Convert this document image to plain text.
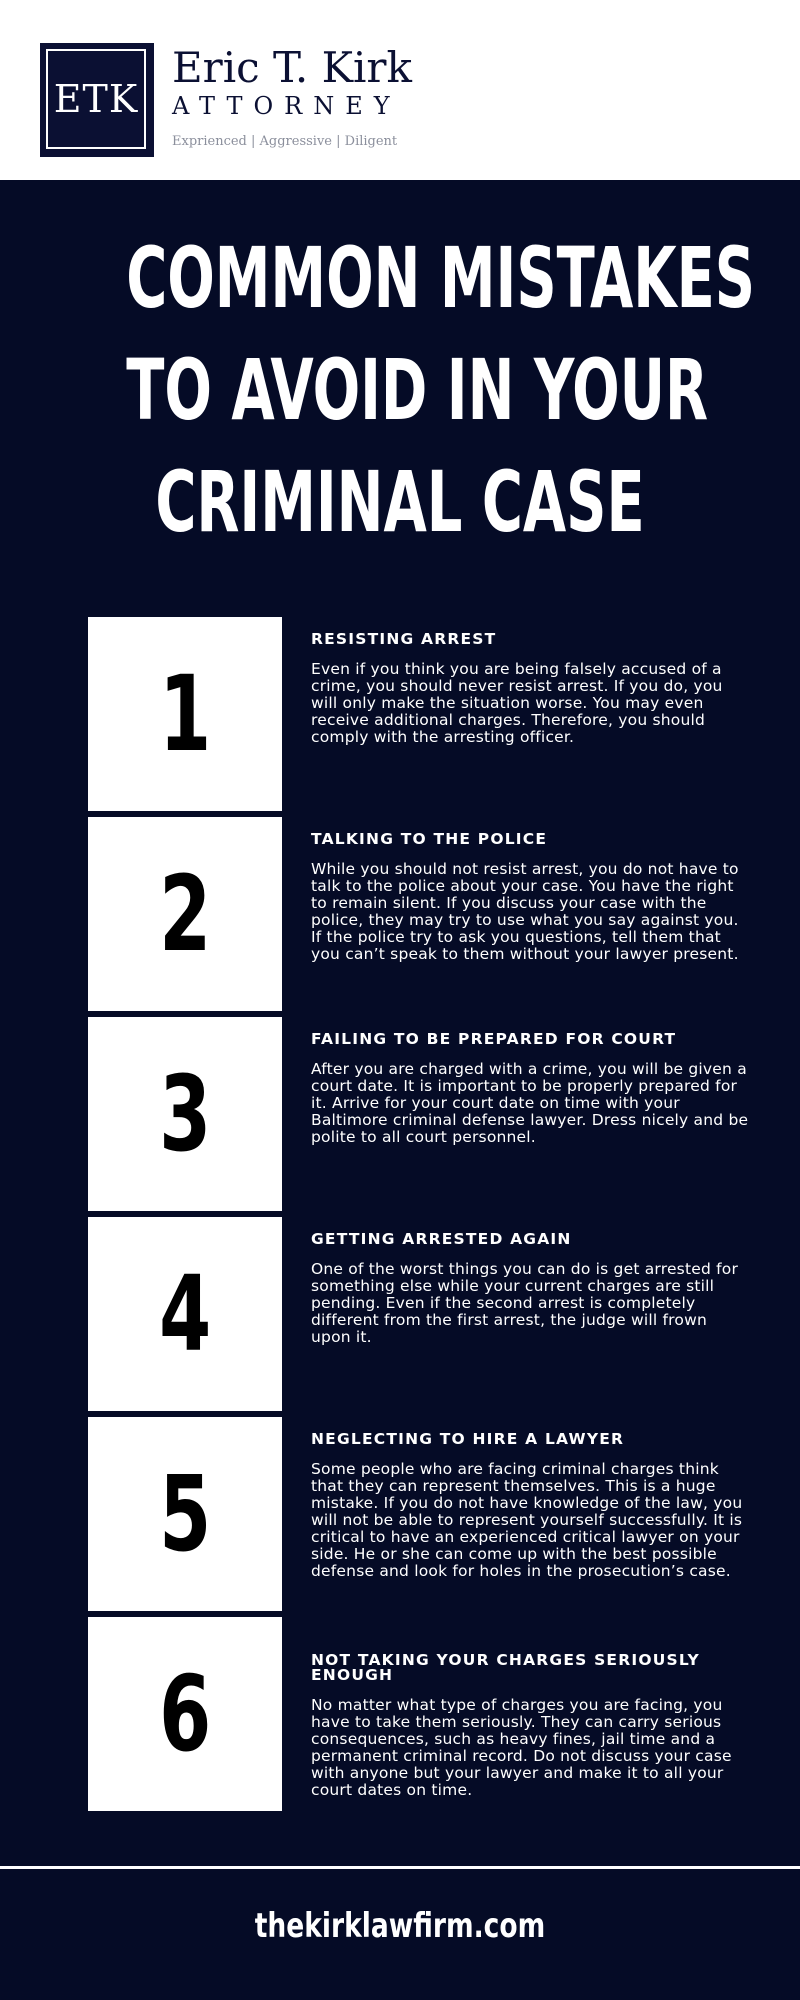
ETK
Eric T. Kirk
ATTORNEY
Exprienced | Aggressive | Diligent
COMMON MISTAKES
TO AVOID IN YOUR
CRIMINAL CASE
1

RESISTING ARREST

Even if you think you are being falsely accused of a crime, you should never resist arrest. If you do, you will only make the situation worse. You may even receive additional charges. Therefore, you should comply with the arresting officer.

2

TALKING TO THE POLICE

While you should not resist arrest, you do not have to talk to the police about your case. You have the right to remain silent. If you discuss your case with the police, they may try to use what you say against you. If the police try to ask you questions, tell them that you can’t speak to them without your lawyer present.

3

FAILING TO BE PREPARED FOR COURT

After you are charged with a crime, you will be given a court date. It is important to be properly prepared for it. Arrive for your court date on time with your Baltimore criminal defense lawyer. Dress nicely and be polite to all court personnel.

4

GETTING ARRESTED AGAIN

One of the worst things you can do is get arrested for something else while your current charges are still pending. Even if the second arrest is completely different from the first arrest, the judge will frown upon it.

5

NEGLECTING TO HIRE A LAWYER

Some people who are facing criminal charges think that they can represent themselves. This is a huge mistake. If you do not have knowledge of the law, you will not be able to represent yourself successfully. It is critical to have an experienced critical lawyer on your side. He or she can come up with the best possible defense and look for holes in the prosecution’s case.

6	NOT TAKING YOUR CHARGES SERIOUSLY ENOUGH

No matter what type of charges you are facing, you have to take them seriously. They can carry serious consequences, such as heavy fines, jail time and a permanent criminal record. Do not discuss your case with anyone but your lawyer and make it to all your court dates on time.

thekirklawfirm.com
